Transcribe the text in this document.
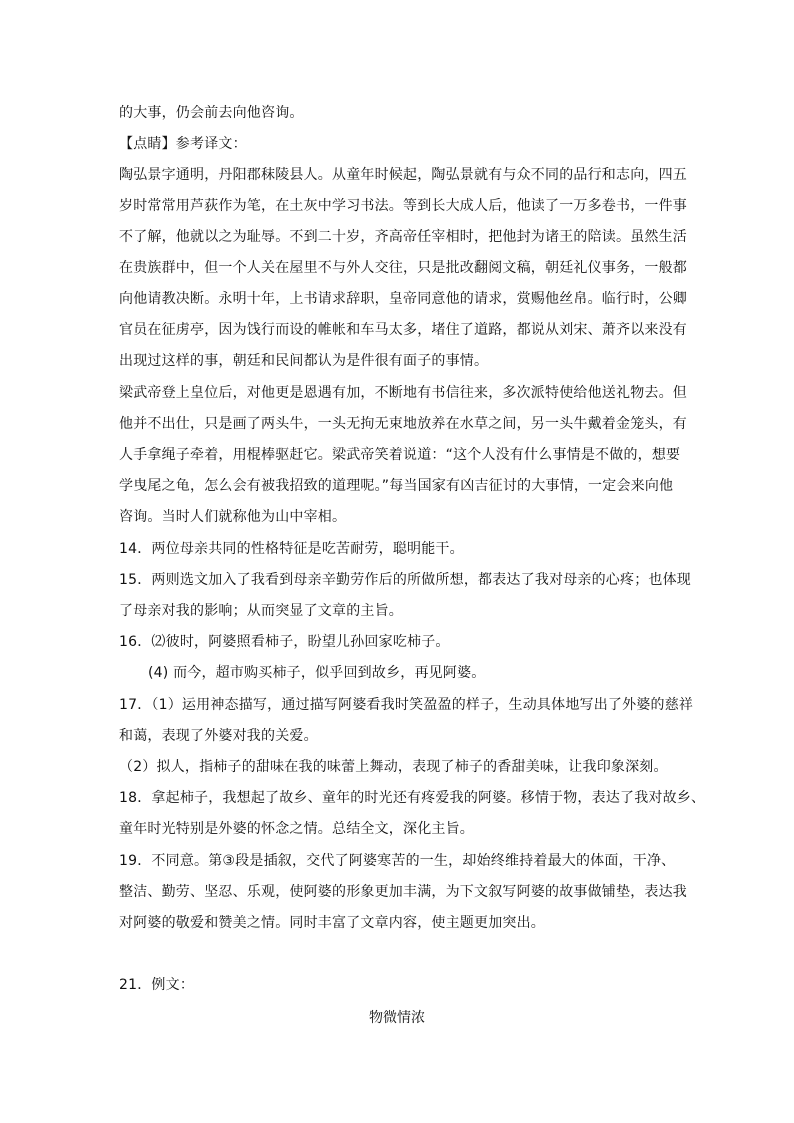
的大事，仍会前去向他咨询。
【点睛】参考译文：
陶弘景字通明，丹阳郡秣陵县人。从童年时候起，陶弘景就有与众不同的品行和志向，四五
岁时常常用芦荻作为笔，在土灰中学习书法。等到长大成人后，他读了一万多卷书，一件事
不了解，他就以之为耻辱。不到二十岁，齐高帝任宰相时，把他封为诸王的陪读。虽然生活
在贵族群中，但一个人关在屋里不与外人交往，只是批改翻阅文稿，朝廷礼仪事务，一般都
向他请教决断。永明十年，上书请求辞职，皇帝同意他的请求，赏赐他丝帛。临行时，公卿
官员在征虏亭，因为饯行而设的帷帐和车马太多，堵住了道路，都说从刘宋、萧齐以来没有
出现过这样的事，朝廷和民间都认为是件很有面子的事情。
梁武帝登上皇位后，对他更是恩遇有加，不断地有书信往来，多次派特使给他送礼物去。但
他并不出仕，只是画了两头牛，一头无拘无束地放养在水草之间，另一头牛戴着金笼头，有
人手拿绳子牵着，用棍棒驱赶它。梁武帝笑着说道：“这个人没有什么事情是不做的，想要
学曳尾之龟，怎么会有被我招致的道理呢。”每当国家有凶吉征讨的大事情，一定会来向他
咨询。当时人们就称他为山中宰相。
14．两位母亲共同的性格特征是吃苦耐劳，聪明能干。
15．两则选文加入了我看到母亲辛勤劳作后的所做所想，都表达了我对母亲的心疼；也体现
了母亲对我的影响；从而突显了文章的主旨。
16．⑵彼时，阿婆照看柿子，盼望儿孙回家吃柿子。
(4) 而今，超市购买柿子，似乎回到故乡，再见阿婆。
17．（1）运用神态描写，通过描写阿婆看我时笑盈盈的样子，生动具体地写出了外婆的慈祥
和蔼，表现了外婆对我的关爱。
（2）拟人，指柿子的甜味在我的味蕾上舞动，表现了柿子的香甜美味，让我印象深刻。
18．拿起柿子，我想起了故乡、童年的时光还有疼爱我的阿婆。移情于物，表达了我对故乡、
童年时光特别是外婆的怀念之情。总结全文，深化主旨。
19．不同意。第③段是插叙，交代了阿婆寒苦的一生，却始终维持着最大的体面，干净、
整洁、勤劳、坚忍、乐观，使阿婆的形象更加丰满，为下文叙写阿婆的故事做铺垫，表达我
对阿婆的敬爱和赞美之情。同时丰富了文章内容，使主题更加突出。
21．例文：
物微情浓
